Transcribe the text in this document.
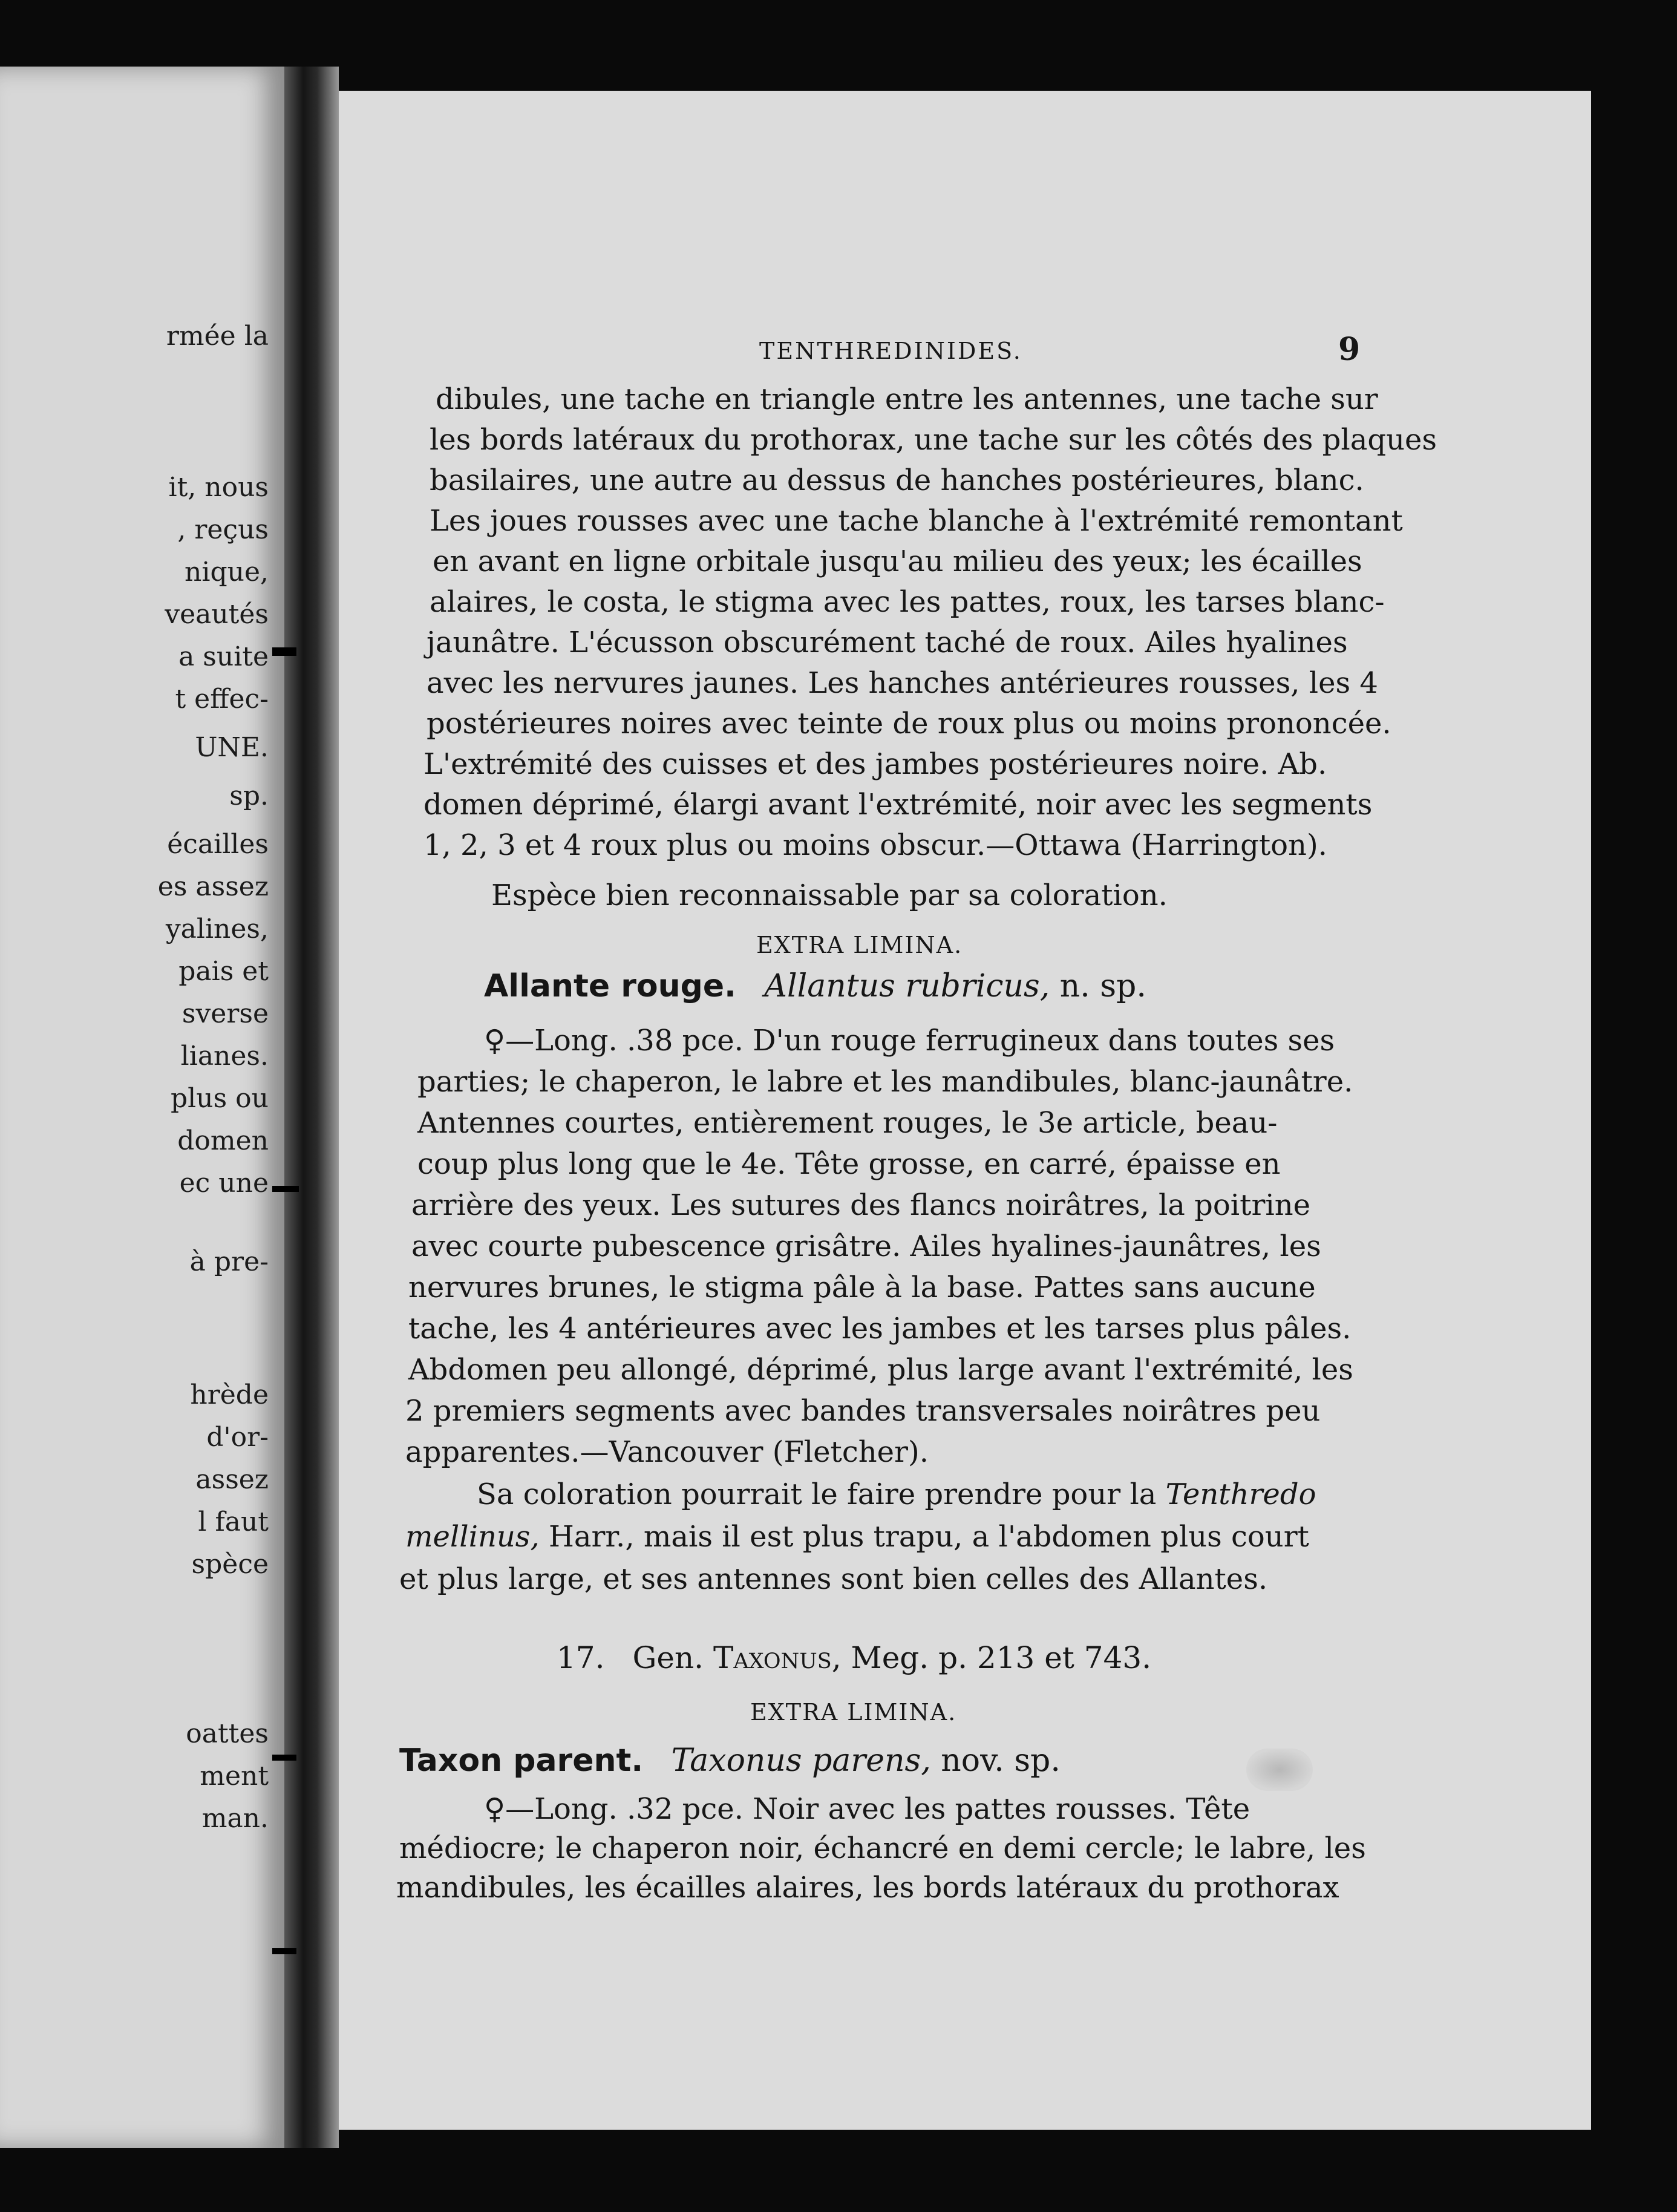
rmée la
it, nous
, reçus
nique,
veautés
a suite
t effec-
UNE.
sp.
écailles
es assez
yalines,
pais et
sverse
lianes.
plus ou
domen
ec une
à pre-
hrède
d'or-
assez
l faut
spèce
oattes
ment
man.
TENTHREDINIDES.	9
dibules, une tache en triangle entre les antennes, une tache sur
les bords latéraux du prothorax, une tache sur les côtés des plaques
basilaires, une autre au dessus de hanches postérieures, blanc.
Les joues rousses avec une tache blanche à l'extrémité remontant
en avant en ligne orbitale jusqu'au milieu des yeux; les écailles
alaires, le costa, le stigma avec les pattes, roux, les tarses blanc-
jaunâtre. L'écusson obscurément taché de roux. Ailes hyalines
avec les nervures jaunes. Les hanches antérieures rousses, les 4
postérieures noires avec teinte de roux plus ou moins prononcée.
L'extrémité des cuisses et des jambes postérieures noire. Ab.
domen déprimé, élargi avant l'extrémité, noir avec les segments
1, 2, 3 et 4 roux plus ou moins obscur.—Ottawa (Harrington).
Espèce bien reconnaissable par sa coloration.
EXTRA LIMINA.
Allante rouge. Allantus rubricus, n. sp.
♀—Long. .38 pce. D'un rouge ferrugineux dans toutes ses
parties; le chaperon, le labre et les mandibules, blanc-jaunâtre.
Antennes courtes, entièrement rouges, le 3e article, beau-
coup plus long que le 4e. Tête grosse, en carré, épaisse en
arrière des yeux. Les sutures des flancs noirâtres, la poitrine
avec courte pubescence grisâtre. Ailes hyalines-jaunâtres, les
nervures brunes, le stigma pâle à la base. Pattes sans aucune
tache, les 4 antérieures avec les jambes et les tarses plus pâles.
Abdomen peu allongé, déprimé, plus large avant l'extrémité, les
2 premiers segments avec bandes transversales noirâtres peu
apparentes.—Vancouver (Fletcher).
Sa coloration pourrait le faire prendre pour la Tenthredo
mellinus, Harr., mais il est plus trapu, a l'abdomen plus court
et plus large, et ses antennes sont bien celles des Allantes.
17. Gen. Taxonus, Meg. p. 213 et 743.
EXTRA LIMINA.
Taxon parent. Taxonus parens, nov. sp.
♀—Long. .32 pce. Noir avec les pattes rousses. Tête
médiocre; le chaperon noir, échancré en demi cercle; le labre, les
mandibules, les écailles alaires, les bords latéraux du prothorax
